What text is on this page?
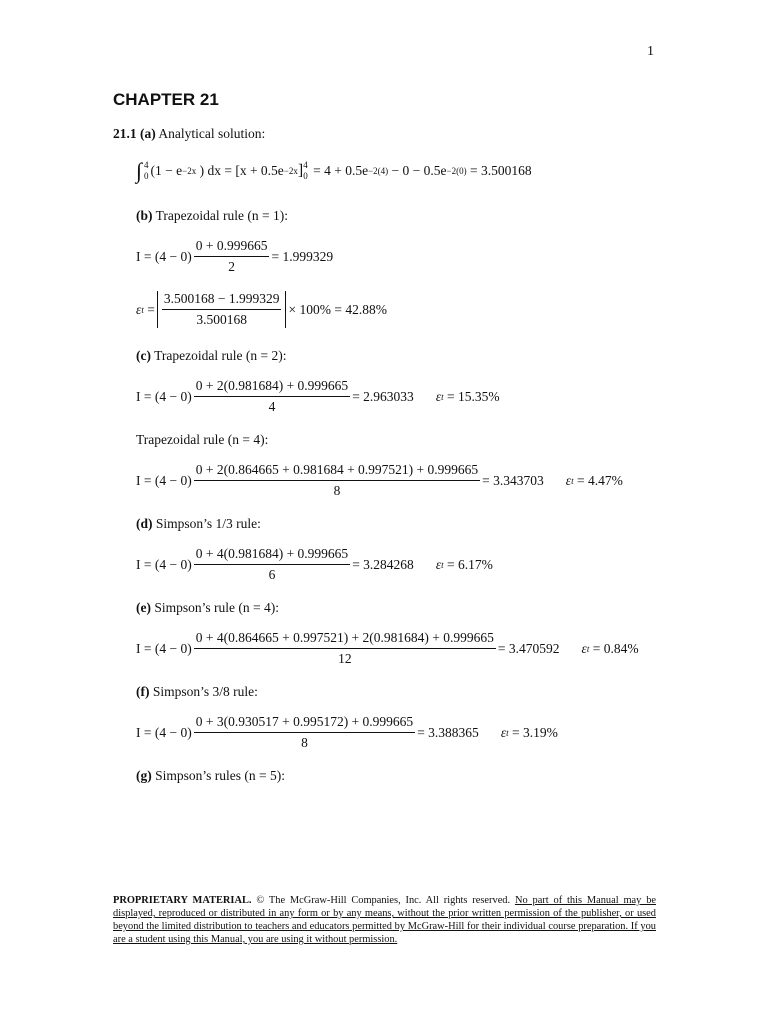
1
CHAPTER 21
21.1 (a) Analytical solution:
∫ 4
0 (1 − e −2x
) dx = [x + 0.5e −2x ] 4
0
= 4 + 0.5e −2(4)
− 0 − 0.5e −2(0)
= 3.500168
(b) Trapezoidal rule (n = 1):
$I = (4 - 0) \frac{0 + 0.999665}{2} = 1.999329$
ε t
= $\frac{3.500168 - 1.999329}{3.500168} \times 100\% = 42.88\%$
(c) Trapezoidal rule (n = 2):
$I = (4 - 0) \frac{0 + 2(0.981684) + 0.999665}{4} = 2.963033$ ε t
= 15.35%
Trapezoidal rule (n = 4):
$I = (4 - 0) \frac{0 + 2(0.864665 + 0.981684 + 0.997521) + 0.999665}{8} = 3.343703$ ε t
= 4.47%
(d) Simpson’s 1/3 rule:
$I = (4 - 0) \frac{0 + 4(0.981684) + 0.999665}{6} = 3.284268$ ε t
= 6.17%
(e) Simpson’s rule (n = 4):
$I = (4 - 0) \frac{0 + 4(0.864665 + 0.997521) + 2(0.981684) + 0.999665}{12} = 3.470592$ ε t
= 0.84%
(f) Simpson’s 3/8 rule:
$I = (4 - 0) \frac{0 + 3(0.930517 + 0.995172) + 0.999665}{8} = 3.388365$ ε t
= 3.19%
(g) Simpson’s rules (n = 5):
PROPRIETARY MATERIAL. © The McGraw-Hill Companies, Inc. All rights reserved. No part of this Manual may be displayed, reproduced or distributed in any form or by any means, without the prior written permission of the publisher, or used beyond the limited distribution to teachers and educators permitted by McGraw-Hill for their individual course preparation. If you are a student using this Manual, you are using it without permission.
